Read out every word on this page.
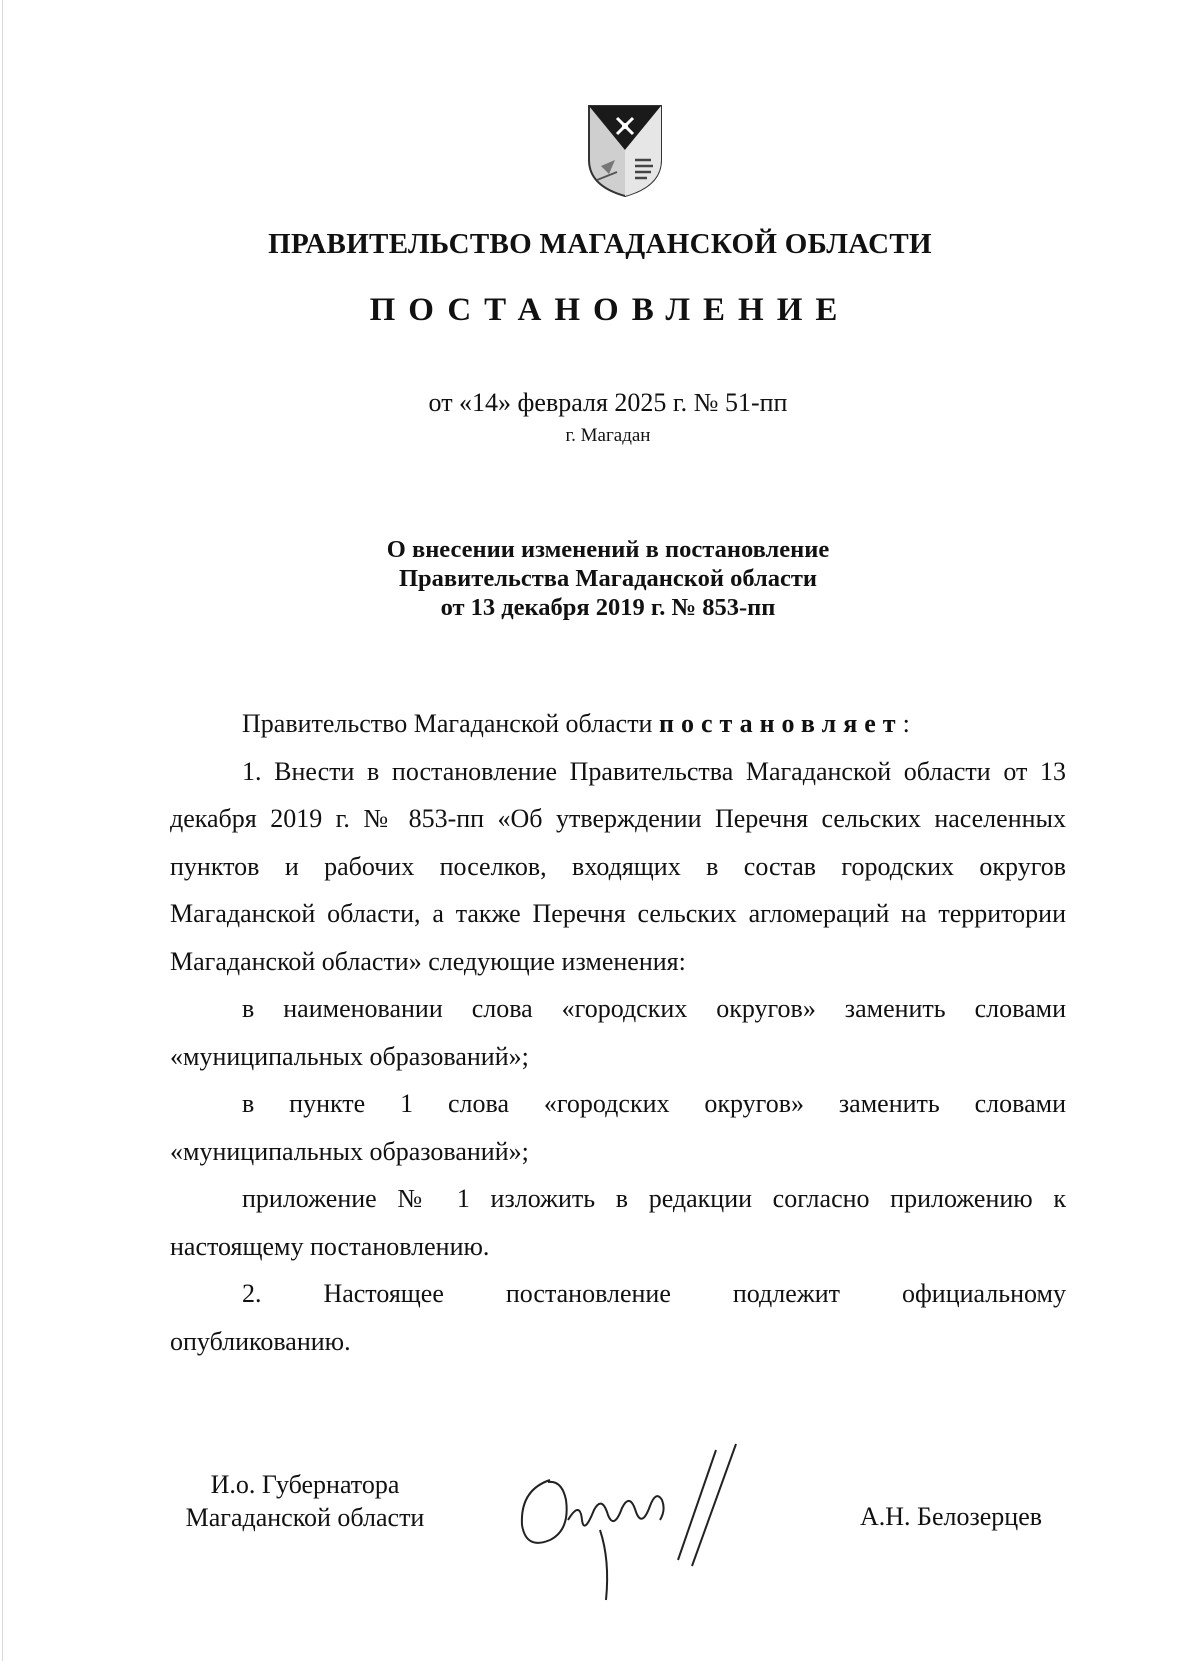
ПРАВИТЕЛЬСТВО МАГАДАНСКОЙ ОБЛАСТИ
ПОСТАНОВЛЕНИЕ
от «14» февраля 2025 г. № 51-пп
г. Магадан
О внесении изменений в постановление
Правительства Магаданской области
от 13 декабря 2019 г. № 853-пп

Правительство Магаданской области постановляет:

1. Внести в постановление Правительства Магаданской области от 13 декабря 2019 г. № 853-пп «Об утверждении Перечня сельских населенных пунктов и рабочих поселков, входящих в состав городских округов Магаданской области, а также Перечня сельских агломераций на территории Магаданской области» следующие изменения:

в наименовании слова «городских округов» заменить словами «муниципальных образований»;

в пункте 1 слова «городских округов» заменить словами «муниципальных образований»;

приложение № 1 изложить в редакции согласно приложению к настоящему постановлению.

2. Настоящее постановление подлежит официальному

опубликованию.

И.о. Губернатора
Магаданской области	А.Н. Белозерцев
